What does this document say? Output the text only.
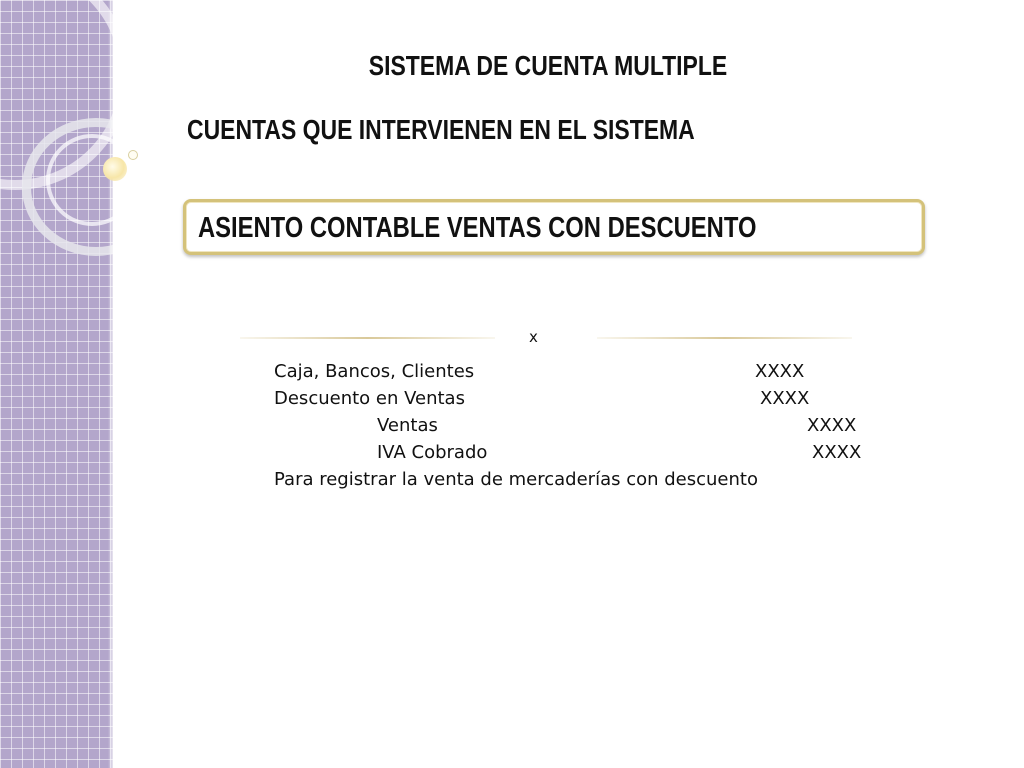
SISTEMA DE CUENTA MULTIPLE
CUENTAS QUE INTERVIENEN EN EL SISTEMA

ASIENTO CONTABLE VENTAS CON DESCUENTO

x
Caja, Bancos, Clientes	XXXX
Descuento en Ventas	XXXX
Ventas	XXXX
IVA Cobrado	XXXX
Para registrar la venta de mercaderías con descuento
